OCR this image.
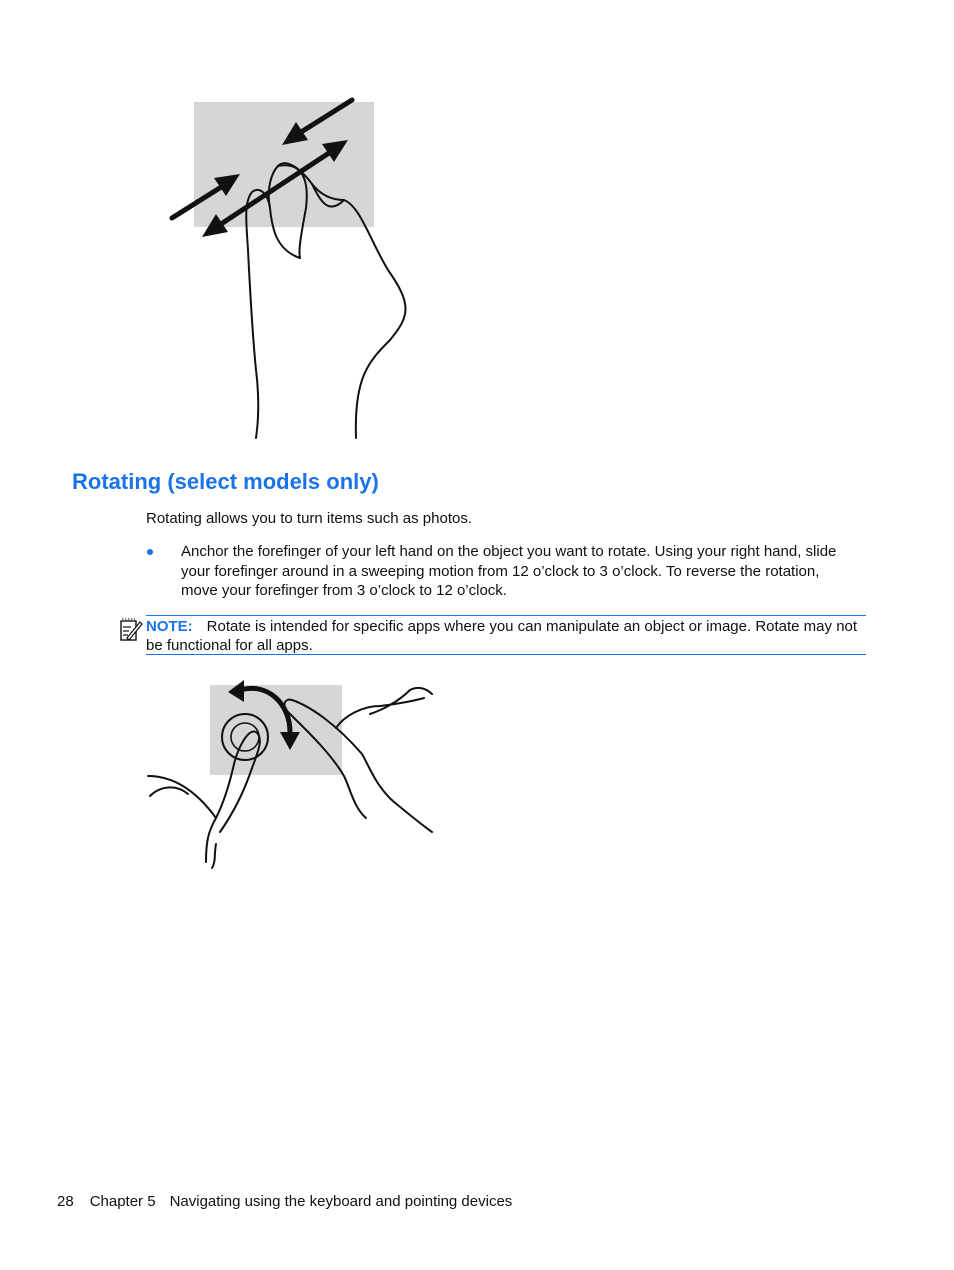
Rotating (select models only)

Rotating allows you to turn items such as photos.

Anchor the forefinger of your left hand on the object you want to rotate. Using your right hand, slide your forefinger around in a sweeping motion from 12 o’clock to 3 o’clock. To reverse the rotation, move your forefinger from 3 o’clock to 12 o’clock.

NOTE: Rotate is intended for specific apps where you can manipulate an object or image. Rotate may not be functional for all apps.

28 Chapter 5 Navigating using the keyboard and pointing devices
